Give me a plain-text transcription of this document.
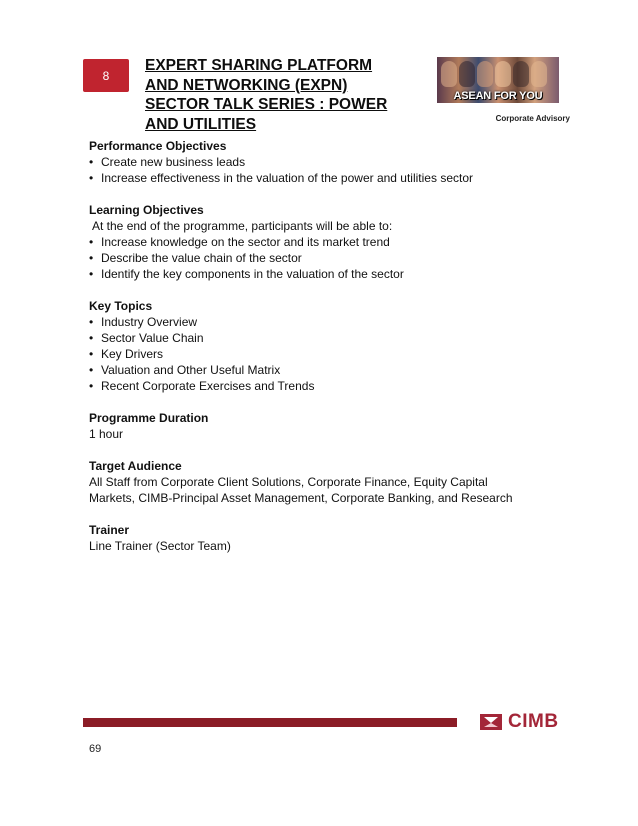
8
EXPERT SHARING PLATFORM
AND NETWORKING (EXPN)
SECTOR TALK SERIES : POWER
AND UTILITIES
ASEAN FOR YOU
Corporate Advisory
Performance Objectives
• Create new business leads
• Increase effectiveness in the valuation of the power and utilities sector
Learning Objectives
At the end of the programme, participants will be able to:
• Increase knowledge on the sector and its market trend
• Describe the value chain of the sector
• Identify the key components in the valuation of the sector
Key Topics
• Industry Overview
• Sector Value Chain
• Key Drivers
• Valuation and Other Useful Matrix
• Recent Corporate Exercises and Trends
Programme Duration
1 hour
Target Audience
All Staff from Corporate Client Solutions, Corporate Finance, Equity Capital
Markets, CIMB-Principal Asset Management, Corporate Banking, and Research
Trainer
Line Trainer (Sector Team)
CIMB
69
